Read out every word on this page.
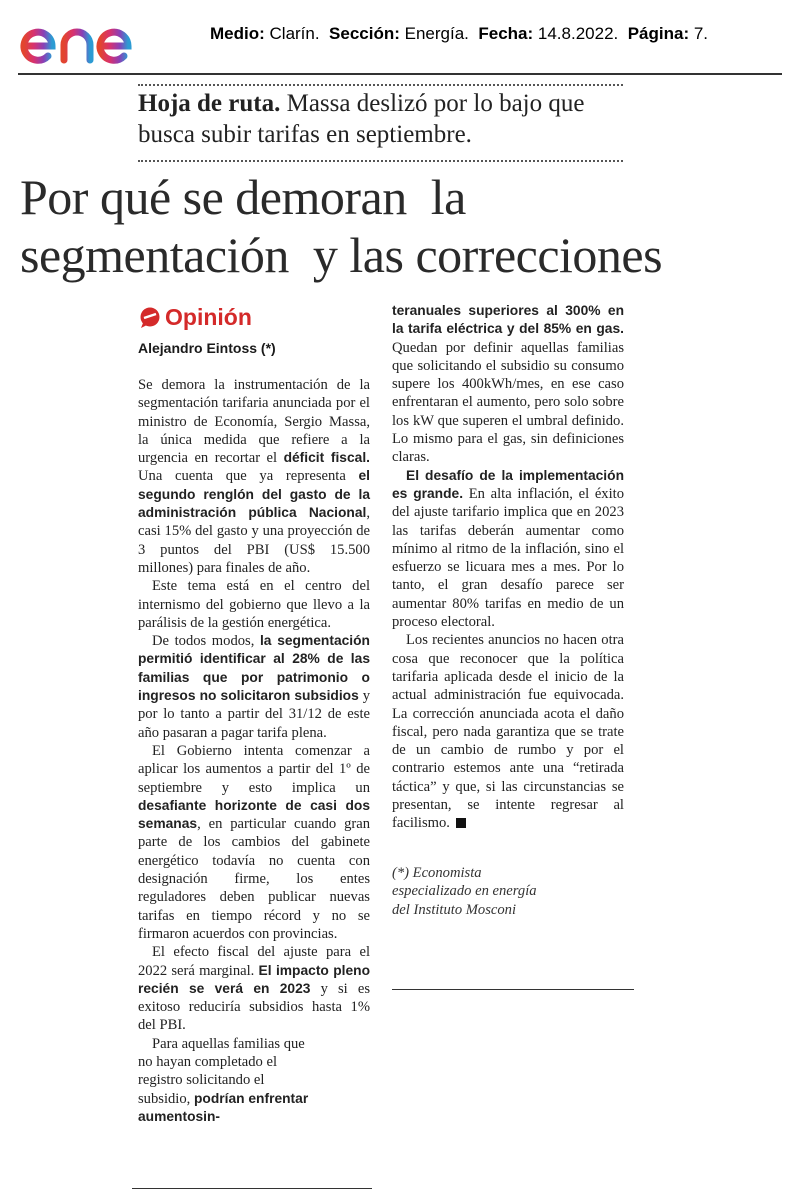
Medio: Clarín. Sección: Energía. Fecha: 14.8.2022. Página: 7.
Hoja de ruta. Massa deslizó por lo bajo que busca subir tarifas en septiembre.
Por qué se demoran  la
segmentación  y las correcciones
Opinión
Alejandro Eintoss (*)

Se demora la instrumentación de la segmentación tarifaria anunciada por el ministro de Economía, Sergio Massa, la única medida que refiere a la urgencia en recortar el déficit fiscal. Una cuenta que ya representa el segundo renglón del gasto de la administración pública Nacional, casi 15% del gasto y una proyección de 3 puntos del PBI (US$ 15.500 millones) para finales de año.

Este tema está en el centro del internismo del gobierno que llevo a la parálisis de la gestión energética.

De todos modos, la segmentación permitió identificar al 28% de las familias que por patrimonio o ingresos no solicitaron subsidios y por lo tanto a partir del 31/12 de este año pasaran a pagar tarifa plena.

El Gobierno intenta comenzar a aplicar los aumentos a partir del 1º de septiembre y esto implica un desafiante horizonte de casi dos semanas, en particular cuando gran parte de los cambios del gabinete energético todavía no cuenta con designación firme, los entes reguladores deben publicar nuevas tarifas en tiempo récord y no se firmaron acuerdos con provincias.

El efecto fiscal del ajuste para el 2022 será marginal. El impacto pleno recién se verá en 2023 y si es exitoso reduciría subsidios hasta 1% del PBI.

Para aquellas familias que no hayan completado el registro solicitando el subsidio, podrían enfrentar aumentosin-

teranuales superiores al 300% en la tarifa eléctrica y del 85% en gas. Quedan por definir aquellas familias que solicitando el subsidio su consumo supere los 400kWh/mes, en ese caso enfrentaran el aumento, pero solo sobre los kW que superen el umbral definido. Lo mismo para el gas, sin definiciones claras.

El desafío de la implementación es grande. En alta inflación, el éxito del ajuste tarifario implica que en 2023 las tarifas deberán aumentar como mínimo al ritmo de la inflación, sino el esfuerzo se licuara mes a mes. Por lo tanto, el gran desafío parece ser aumentar 80% tarifas en medio de un proceso electoral.

Los recientes anuncios no hacen otra cosa que reconocer que la política tarifaria aplicada desde el inicio de la actual administración fue equivocada. La corrección anunciada acota el daño fiscal, pero nada garantiza que se trate de un cambio de rumbo y por el contrario estemos ante una “retirada táctica” y que, si las circunstancias se presentan, se intente regresar al facilismo.

(*) Economista especializado en energía del Instituto Mosconi
